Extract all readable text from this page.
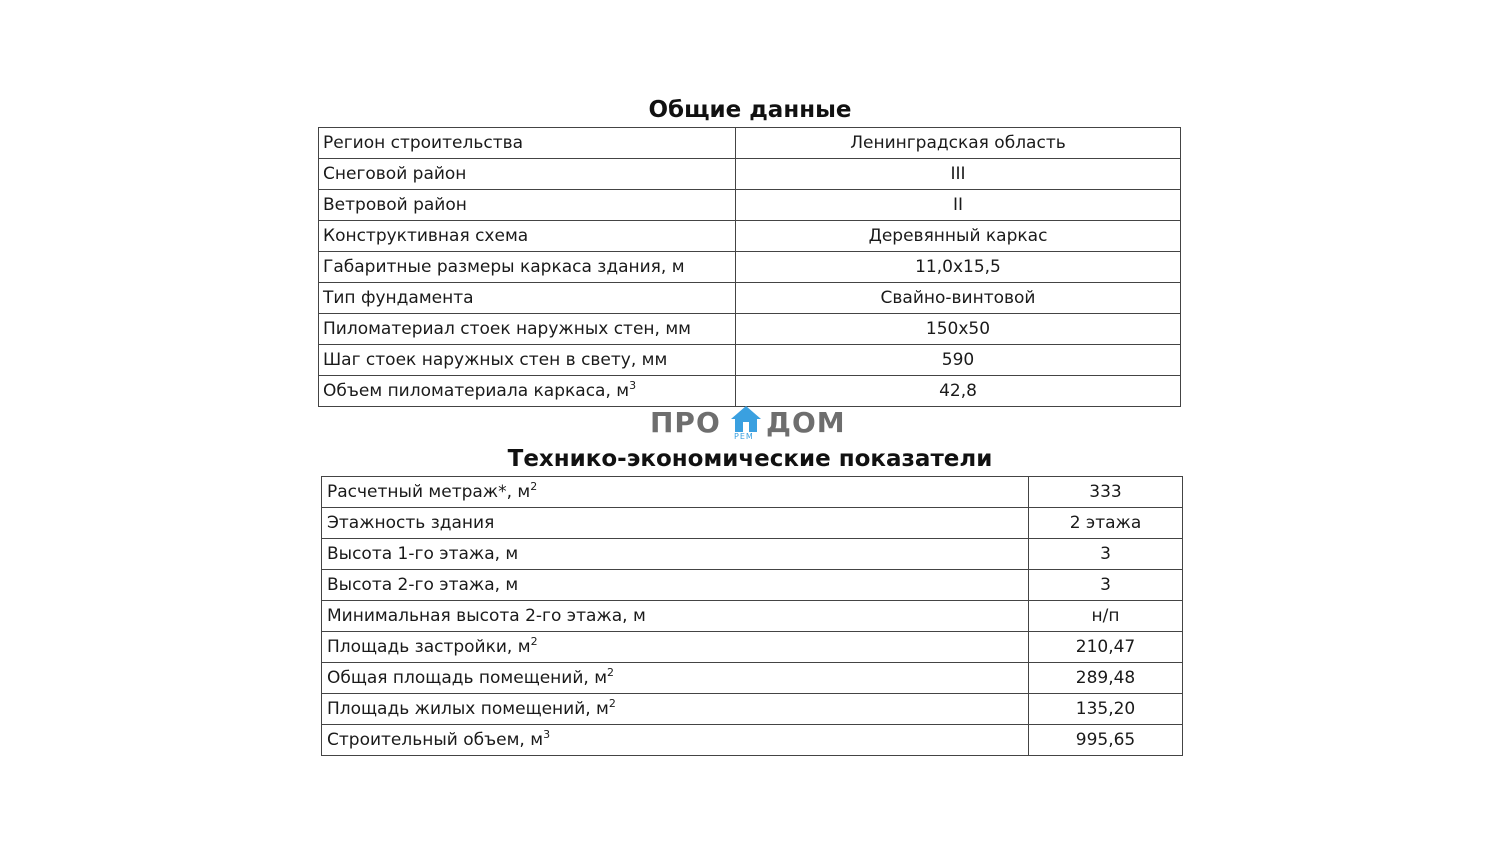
Общие данные
Регион строительства	Ленинградская область
Снеговой район	III
Ветровой район	II
Конструктивная схема	Деревянный каркас
Габаритные размеры каркаса здания, м	11,0х15,5
Тип фундамента	Свайно-винтовой
Пиломатериал стоек наружных стен, мм	150х50
Шаг стоек наружных стен в свету, мм	590
Объем пиломатериала каркаса, $м^3$	42,8
ПРО РЕМ ДОМ
Технико-экономические показатели
Расчетный метраж*, $м^2$	333
Этажность здания	2 этажа
Высота 1-го этажа, м	3
Высота 2-го этажа, м	3
Минимальная высота 2-го этажа, м	н/п
Площадь застройки, $м^2$	210,47
Общая площадь помещений, $м^2$	289,48
Площадь жилых помещений, $м^2$	135,20
Строительный объем, $м^3$	995,65
